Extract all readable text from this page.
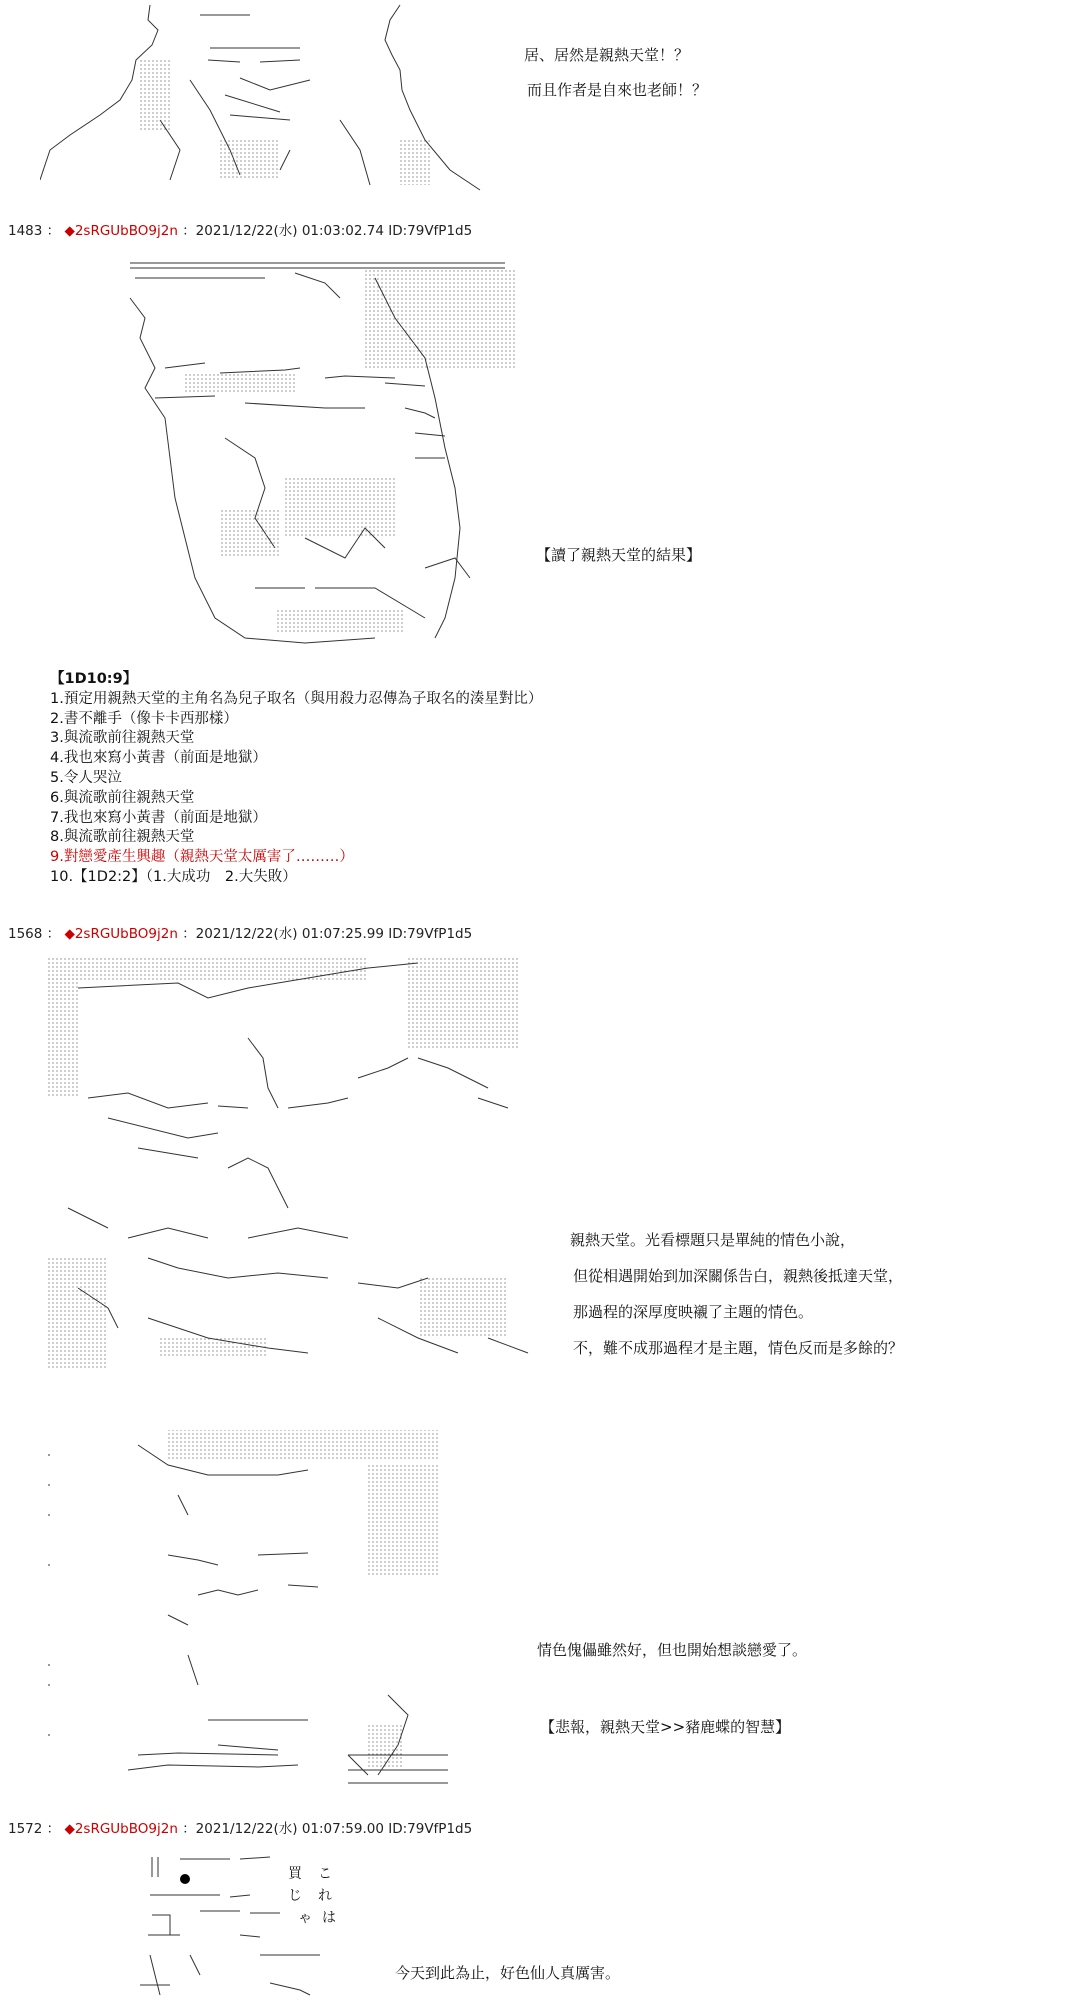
居、居然是親熱天堂！？
而且作者是自來也老師！？
1483 ： ◆2sRGUbBO9j2n ：2021/12/22(水) 01:03:02.74 ID:79VfP1d5
【讀了親熱天堂的結果】
【1D10:9】
1.預定用親熱天堂的主角名為兒子取名（與用殺力忍傳為子取名的湊星對比）
2.書不離手（像卡卡西那樣）
3.與流歌前往親熱天堂
4.我也來寫小黃書（前面是地獄）
5.令人哭泣
6.與流歌前往親熱天堂
7.我也來寫小黃書（前面是地獄）
8.與流歌前往親熱天堂
9.對戀愛產生興趣（親熱天堂太厲害了………）
10.【1D2:2】（1.大成功　2.大失敗）
1568 ： ◆2sRGUbBO9j2n ：2021/12/22(水) 01:07:25.99 ID:79VfP1d5
親熱天堂。光看標題只是單純的情色小說，
但從相遇開始到加深關係告白，親熱後抵達天堂，
那過程的深厚度映襯了主題的情色。
不，難不成那過程才是主題，情色反而是多餘的？
情色傀儡雖然好，但也開始想談戀愛了。
【悲報，親熱天堂>>豬鹿蝶的智慧】
1572 ： ◆2sRGUbBO9j2n ：2021/12/22(水) 01:07:59.00 ID:79VfP1d5
買 こ
じ れ
ゃ は
今天到此為止，好色仙人真厲害。
